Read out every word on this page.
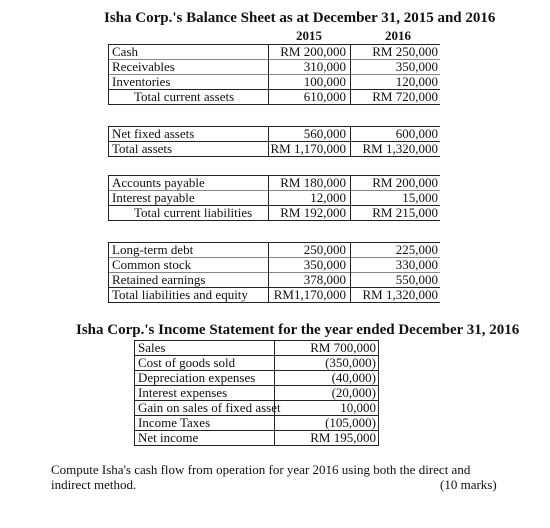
Isha Corp.'s Balance Sheet as at December 31, 2015 and 2016
2015	2016
Cash	RM 200,000	RM 250,000
Receivables	310,000	350,000
Inventories	100,000	120,000
Total current assets	610,000	RM 720,000
Net fixed assets	560,000	600,000
Total assets	RM 1,170,000	RM 1,320,000
Accounts payable	RM 180,000	RM 200,000
Interest payable	12,000	15,000
Total current liabilities	RM 192,000	RM 215,000
Long-term debt	250,000	225,000
Common stock	350,000	330,000
Retained earnings	378,000	550,000
Total liabilities and equity RM1,170,000	RM 1,320,000
Isha Corp.'s Income Statement for the year ended December 31, 2016
Sales	RM 700,000
Cost of goods sold	(350,000)
Depreciation expenses	(40,000)
Interest expenses	(20,000)
Gain on sales of fixed asset	10,000
Income Taxes	(105,000)
Net income	RM 195,000
Compute Isha's cash flow from operation for year 2016 using both the direct and
indirect method.	(10 marks)
